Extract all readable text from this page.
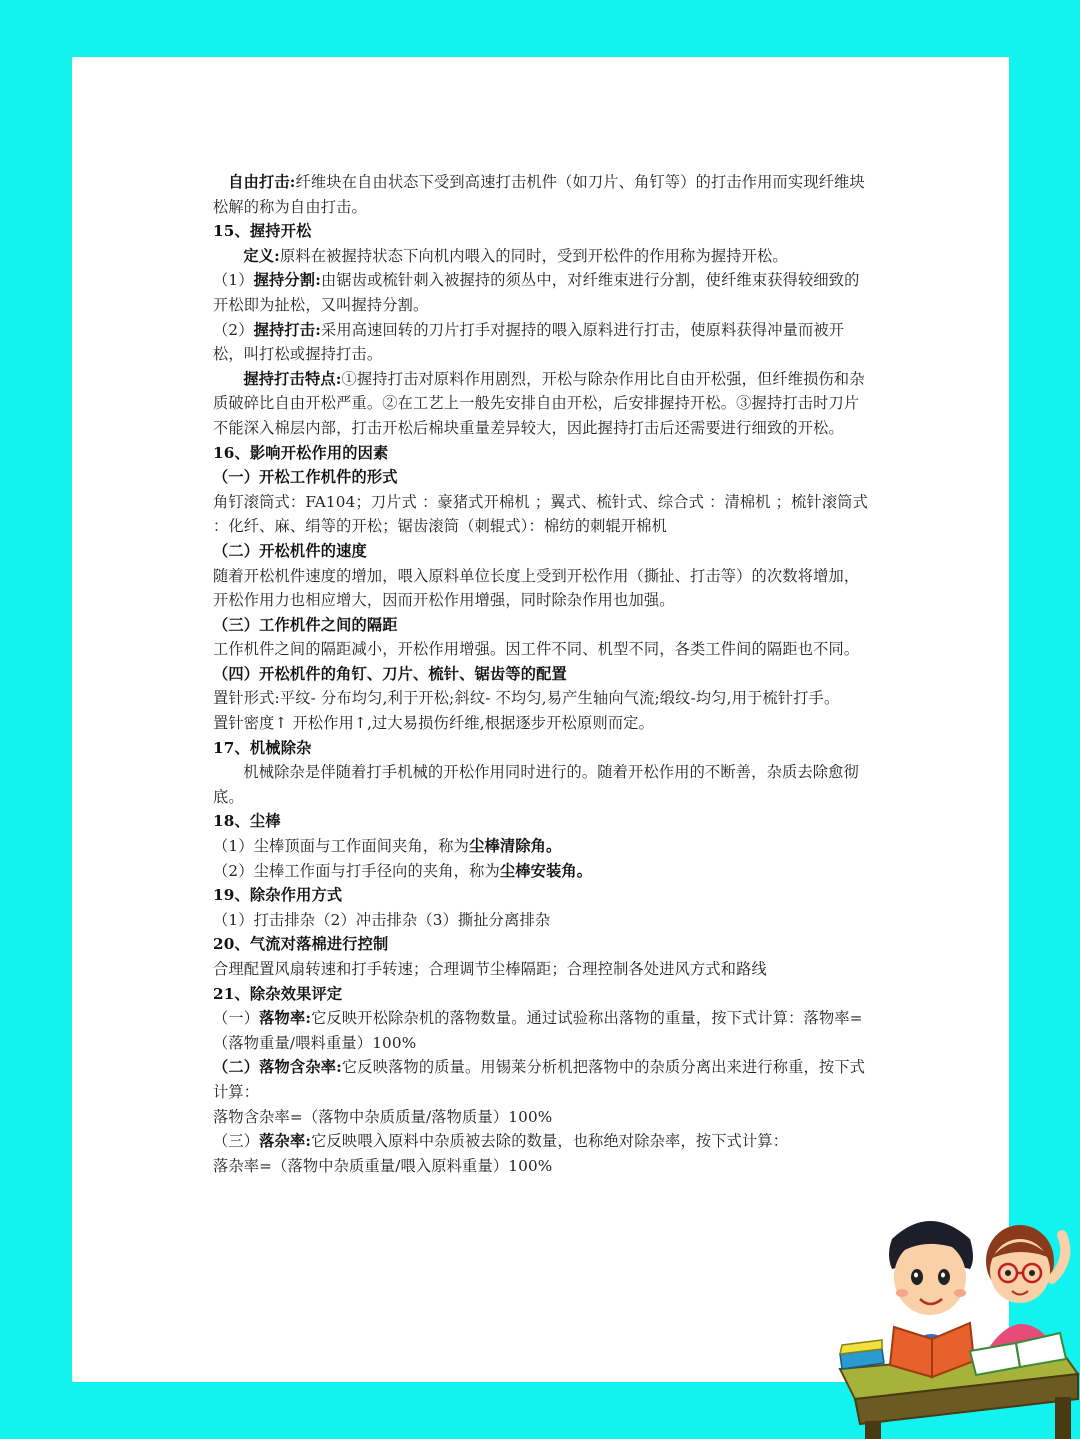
自由打击:纤维块在自由状态下受到高速打击机件（如刀片、角钉等）的打击作用而实现纤维块松解的称为自由打击。

15、握持开松

定义:原料在被握持状态下向机内喂入的同时，受到开松件的作用称为握持开松。

（1）握持分割:由锯齿或梳针刺入被握持的须丛中，对纤维束进行分割，使纤维束获得较细致的开松即为扯松，又叫握持分割。

（2）握持打击:采用高速回转的刀片打手对握持的喂入原料进行打击，使原料获得冲量而被开松，叫打松或握持打击。

握持打击特点:①握持打击对原料作用剧烈，开松与除杂作用比自由开松强，但纤维损伤和杂质破碎比自由开松严重。②在工艺上一般先安排自由开松，后安排握持开松。③握持打击时刀片不能深入棉层内部，打击开松后棉块重量差异较大，因此握持打击后还需要进行细致的开松。

16、影响开松作用的因素

（一）开松工作机件的形式

角钉滚筒式：FA104；刀片式 ：豪猪式开棉机 ；翼式、梳针式、综合式 ：清棉机 ；梳针滚筒式 ：化纤、麻、绢等的开松；锯齿滚筒（刺辊式）：棉纺的刺辊开棉机

（二）开松机件的速度

随着开松机件速度的增加，喂入原料单位长度上受到开松作用（撕扯、打击等）的次数将增加，开松作用力也相应增大，因而开松作用增强，同时除杂作用也加强。

（三）工作机件之间的隔距

工作机件之间的隔距减小，开松作用增强。因工件不同、机型不同，各类工件间的隔距也不同。

（四）开松机件的角钉、刀片、梳针、锯齿等的配置

置针形式:平纹- 分布均匀,利于开松;斜纹- 不均匀,易产生轴向气流;缎纹-均匀,用于梳针打手。

置针密度↑ 开松作用↑,过大易损伤纤维,根据逐步开松原则而定。

17、机械除杂

机械除杂是伴随着打手机械的开松作用同时进行的。随着开松作用的不断善，杂质去除愈彻底。

18、尘棒

（1）尘棒顶面与工作面间夹角，称为尘棒清除角。

（2）尘棒工作面与打手径向的夹角，称为尘棒安装角。

19、除杂作用方式

（1）打击排杂（2）冲击排杂（3）撕扯分离排杂

20、气流对落棉进行控制

合理配置风扇转速和打手转速；合理调节尘棒隔距；合理控制各处进风方式和路线

21、除杂效果评定

（一）落物率:它反映开松除杂机的落物数量。通过试验称出落物的重量，按下式计算：落物率=（落物重量/喂料重量）100%

（二）落物含杂率:它反映落物的质量。用锡莱分析机把落物中的杂质分离出来进行称重，按下式计算：

落物含杂率=（落物中杂质质量/落物质量）100%

（三）落杂率:它反映喂入原料中杂质被去除的数量，也称绝对除杂率，按下式计算：

落杂率=（落物中杂质重量/喂入原料重量）100%
